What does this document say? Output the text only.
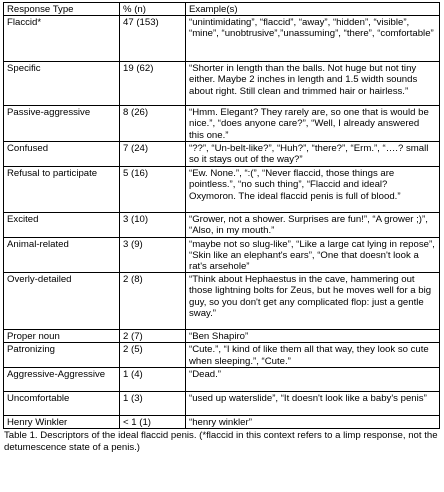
Response Type	% (n)	Example(s)
Flaccid*	47 (153)	“unintimidating”, “flaccid”, “away”, “hidden”, “visible”, “mine”, “unobtrusive”,”unassuming”, “there”, “comfortable”
Specific	19 (62)	“Shorter in length than the balls. Not huge but not tiny either. Maybe 2 inches in length and 1.5 width sounds about right. Still clean and trimmed hair or hairless.”
Passive-aggressive	8 (26)	“Hmm. Elegant? They rarely are, so one that is would be nice.”, “does anyone care?”, “Well, I already answered this one.”
Confused	7 (24)	“??”, “Un-belt-like?”, “Huh?”, “there?”, “Erm.”, “….? small so it stays out of the way?”
Refusal to participate	5 (16)	“Ew. None.”, “:(”, “Never flaccid, those things are pointless.”, “no such thing”, “Flaccid and ideal? Oxymoron. The ideal flaccid penis is full of blood.”
Excited	3 (10)	“Grower, not a shower. Surprises are fun!”, “A grower ;)”, “Also, in my mouth.”
Animal-related	3 (9)	“maybe not so slug-like”, “Like a large cat lying in repose”, “Skin like an elephant's ears”, “One that doesn't look a rat's arsehole”
Overly-detailed	2 (8)	“Think about Hephaestus in the cave, hammering out those lightning bolts for Zeus, but he moves well for a big guy, so you don't get any complicated flop: just a gentle sway.”
Proper noun	2 (7)	“Ben Shapiro”
Patronizing	2 (5)	“Cute.”, “I kind of like them all that way, they look so cute when sleeping.”, “Cute.”
Aggressive-Aggressive	1 (4)	“Dead.”
Uncomfortable	1 (3)	“used up waterslide”, “It doesn't look like a baby's penis”
Henry Winkler	< 1 (1)	“henry winkler”
Table 1. Descriptors of the ideal flaccid penis. (*flaccid in this context refers to a limp response, not the detumescence state of a penis.)
